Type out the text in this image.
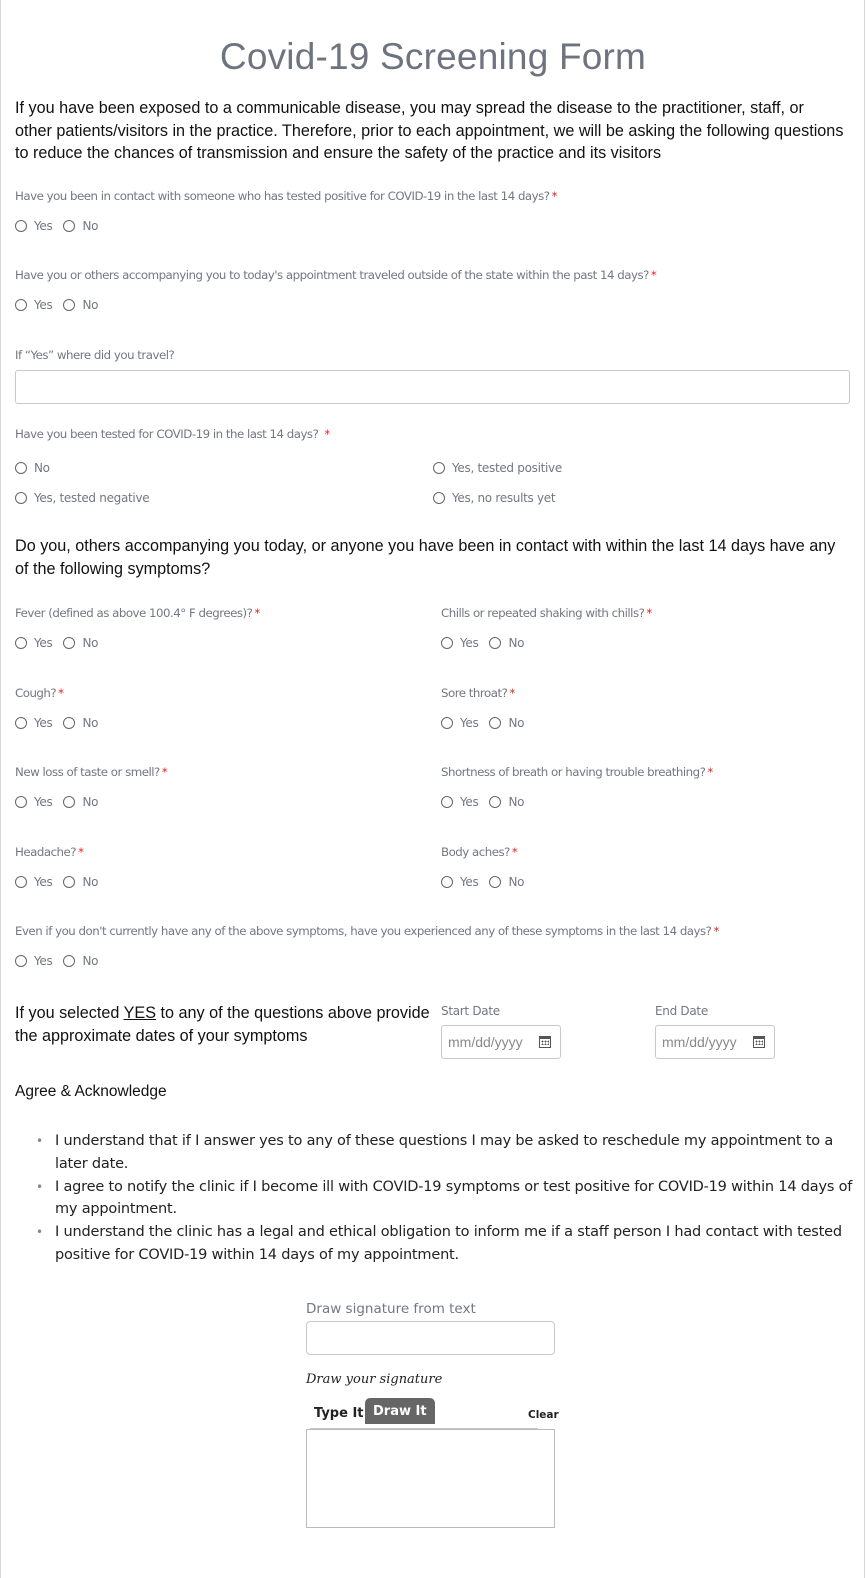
Covid-19 Screening Form
If you have been exposed to a communicable disease, you may spread the disease to the practitioner, staff, or other patients/visitors in the practice. Therefore, prior to each appointment, we will be asking the following questions to reduce the chances of transmission and ensure the safety of the practice and its visitors
Have you been in contact with someone who has tested positive for COVID-19 in the last 14 days? *
Yes	No
Have you or others accompanying you to today's appointment traveled outside of the state within the past 14 days? *
Yes	No
If “Yes” where did you travel?
Have you been tested for COVID-19 in the last 14 days? *
No	Yes, tested positive
Yes, tested negative	Yes, no results yet
Do you, others accompanying you today, or anyone you have been in contact with within the last 14 days have any of the following symptoms?
Fever (defined as above 100.4° F degrees)? *
Yes	No
Chills or repeated shaking with chills? *
Yes	No
Cough? *
Yes	No
Sore throat? *
Yes	No
New loss of taste or smell? *
Yes	No
Shortness of breath or having trouble breathing? *
Yes	No
Headache? *
Yes	No
Body aches? *
Yes	No
Even if you don't currently have any of the above symptoms, have you experienced any of these symptoms in the last 14 days? *
Yes	No
If you selected YES to any of the questions above provide the approximate dates of your symptoms
Start Date
mm/dd/yyyy
End Date
mm/dd/yyyy
Agree & Acknowledge
• I understand that if I answer yes to any of these questions I may be asked to reschedule my appointment to a later date.
• I agree to notify the clinic if I become ill with COVID-19 symptoms or test positive for COVID-19 within 14 days of my appointment.
• I understand the clinic has a legal and ethical obligation to inform me if a staff person I had contact with tested positive for COVID-19 within 14 days of my appointment.
Draw signature from text
Draw your signature
Type It Draw It	Clear
